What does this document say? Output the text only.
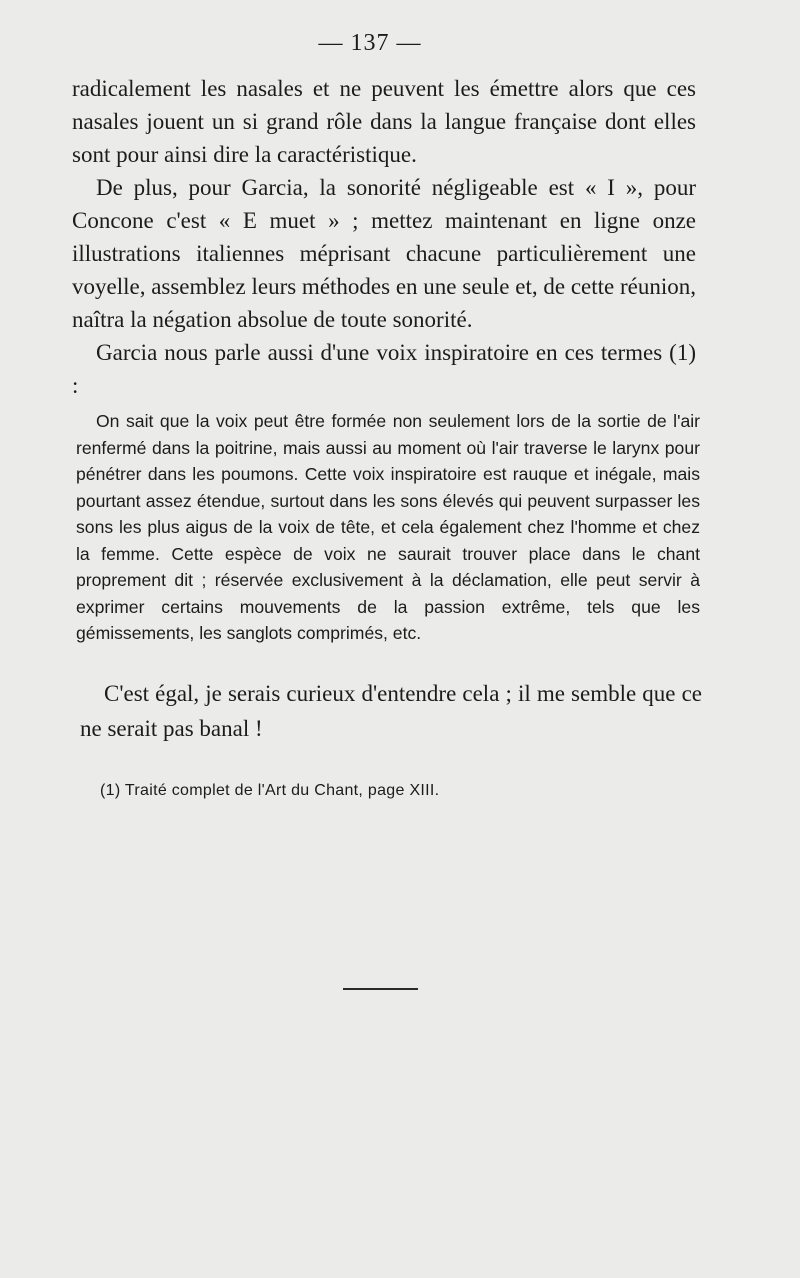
— 137 —

radicalement les nasales et ne peuvent les émettre alors que ces nasales jouent un si grand rôle dans la langue française dont elles sont pour ainsi dire la caractéristique.

De plus, pour Garcia, la sonorité négligeable est « I », pour Concone c'est « E muet » ; mettez maintenant en ligne onze illustrations italiennes méprisant chacune particulièrement une voyelle, assemblez leurs méthodes en une seule et, de cette réunion, naîtra la négation absolue de toute sonorité.

Garcia nous parle aussi d'une voix inspiratoire en ces termes (1) :

On sait que la voix peut être formée non seulement lors de la sortie de l'air renfermé dans la poitrine, mais aussi au moment où l'air traverse le larynx pour pénétrer dans les poumons. Cette voix inspiratoire est rauque et inégale, mais pourtant assez étendue, surtout dans les sons élevés qui peuvent surpasser les sons les plus aigus de la voix de tête, et cela également chez l'homme et chez la femme. Cette espèce de voix ne saurait trouver place dans le chant proprement dit ; réservée exclusivement à la déclamation, elle peut servir à exprimer certains mouvements de la passion extrême, tels que les gémissements, les sanglots comprimés, etc.

C'est égal, je serais curieux d'entendre cela ; il me semble que ce ne serait pas banal !

(1) Traité complet de l'Art du Chant, page XIII.
